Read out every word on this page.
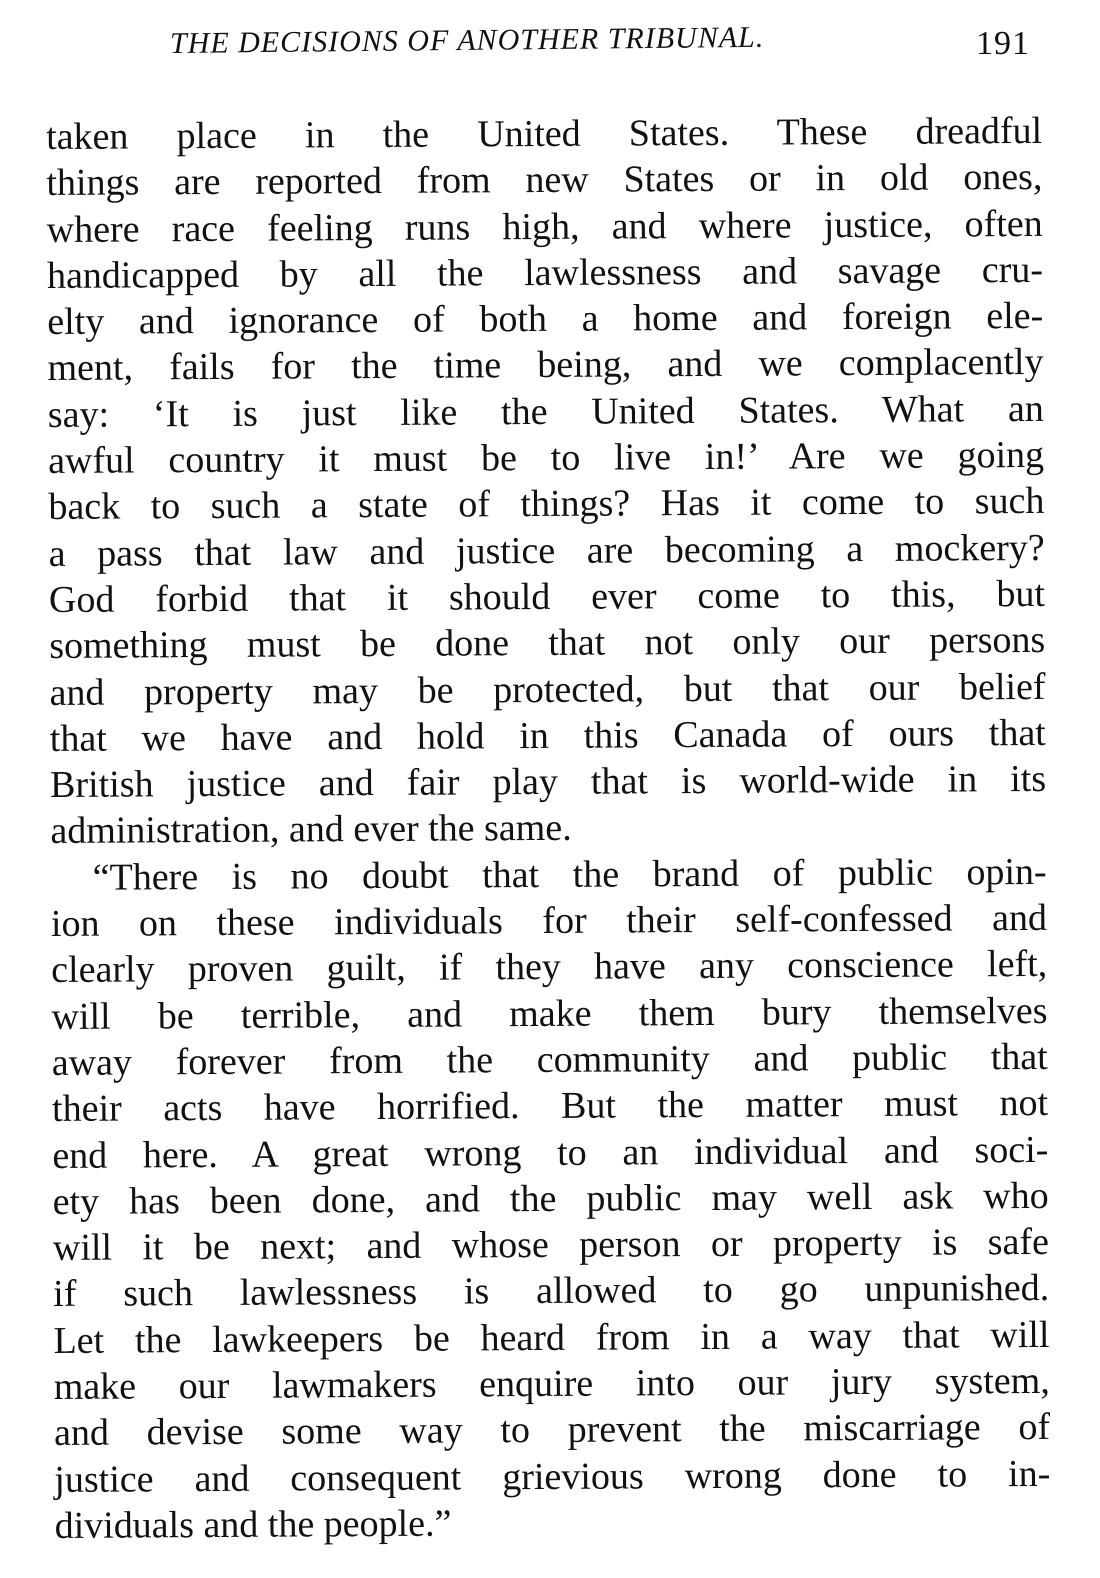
THE DECISIONS OF ANOTHER TRIBUNAL.	191
taken place in the United States. These dreadful
things are reported from new States or in old ones,
where race feeling runs high, and where justice, often
handicapped by all the lawlessness and savage cru-
elty and ignorance of both a home and foreign ele-
ment, fails for the time being, and we complacently
say: ‘It is just like the United States. What an
awful country it must be to live in!’ Are we going
back to such a state of things? Has it come to such
a pass that law and justice are becoming a mockery?
God forbid that it should ever come to this, but
something must be done that not only our persons
and property may be protected, but that our belief
that we have and hold in this Canada of ours that
British justice and fair play that is world-wide in its
administration, and ever the same.
“There is no doubt that the brand of public opin-
ion on these individuals for their self-confessed and
clearly proven guilt, if they have any conscience left,
will be terrible, and make them bury themselves
away forever from the community and public that
their acts have horrified. But the matter must not
end here. A great wrong to an individual and soci-
ety has been done, and the public may well ask who
will it be next; and whose person or property is safe
if such lawlessness is allowed to go unpunished.
Let the lawkeepers be heard from in a way that will
make our lawmakers enquire into our jury system,
and devise some way to prevent the miscarriage of
justice and consequent grievious wrong done to in-
dividuals and the people.”
